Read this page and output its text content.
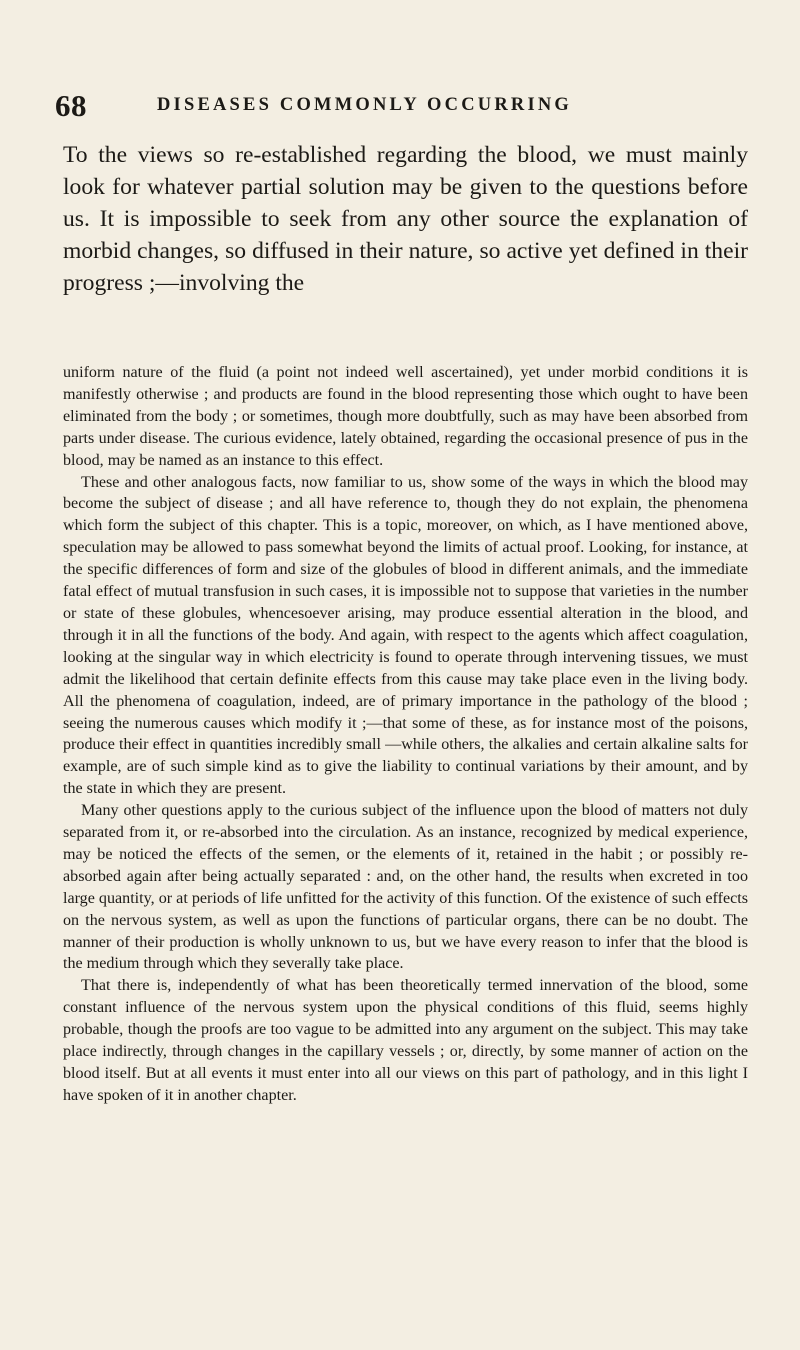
68	DISEASES COMMONLY OCCURRING

To the views so re-established regarding the blood, we must mainly look for whatever partial solution may be given to the questions before us. It is impossible to seek from any other source the explanation of morbid changes, so diffused in their nature, so active yet defined in their progress ;—involving the

uniform nature of the fluid (a point not indeed well ascertained), yet under morbid conditions it is manifestly otherwise ; and products are found in the blood representing those which ought to have been eliminated from the body ; or sometimes, though more doubtfully, such as may have been absorbed from parts under disease. The curious evidence, lately obtained, regarding the occasional presence of pus in the blood, may be named as an instance to this effect.

These and other analogous facts, now familiar to us, show some of the ways in which the blood may become the subject of disease ; and all have reference to, though they do not explain, the phenomena which form the subject of this chapter. This is a topic, moreover, on which, as I have mentioned above, speculation may be allowed to pass somewhat beyond the limits of actual proof. Looking, for instance, at the specific differences of form and size of the globules of blood in different animals, and the immediate fatal effect of mutual transfusion in such cases, it is impossible not to suppose that varieties in the number or state of these globules, whencesoever arising, may produce essential alteration in the blood, and through it in all the functions of the body. And again, with respect to the agents which affect coagulation, looking at the singular way in which electricity is found to operate through intervening tissues, we must admit the likelihood that certain definite effects from this cause may take place even in the living body. All the phenomena of coagulation, indeed, are of primary importance in the pathology of the blood ; seeing the numerous causes which modify it ;—that some of these, as for instance most of the poisons, produce their effect in quantities incredibly small —while others, the alkalies and certain alkaline salts for example, are of such simple kind as to give the liability to continual variations by their amount, and by the state in which they are present.

Many other questions apply to the curious subject of the influence upon the blood of matters not duly separated from it, or re-absorbed into the circulation. As an instance, recognized by medical experience, may be noticed the effects of the semen, or the elements of it, retained in the habit ; or possibly re-absorbed again after being actually separated : and, on the other hand, the results when excreted in too large quantity, or at periods of life unfitted for the activity of this function. Of the existence of such effects on the nervous system, as well as upon the functions of particular organs, there can be no doubt. The manner of their production is wholly unknown to us, but we have every reason to infer that the blood is the medium through which they severally take place.

That there is, independently of what has been theoretically termed innervation of the blood, some constant influence of the nervous system upon the physical conditions of this fluid, seems highly probable, though the proofs are too vague to be admitted into any argument on the subject. This may take place indirectly, through changes in the capillary vessels ; or, directly, by some manner of action on the blood itself. But at all events it must enter into all our views on this part of pathology, and in this light I have spoken of it in another chapter.
